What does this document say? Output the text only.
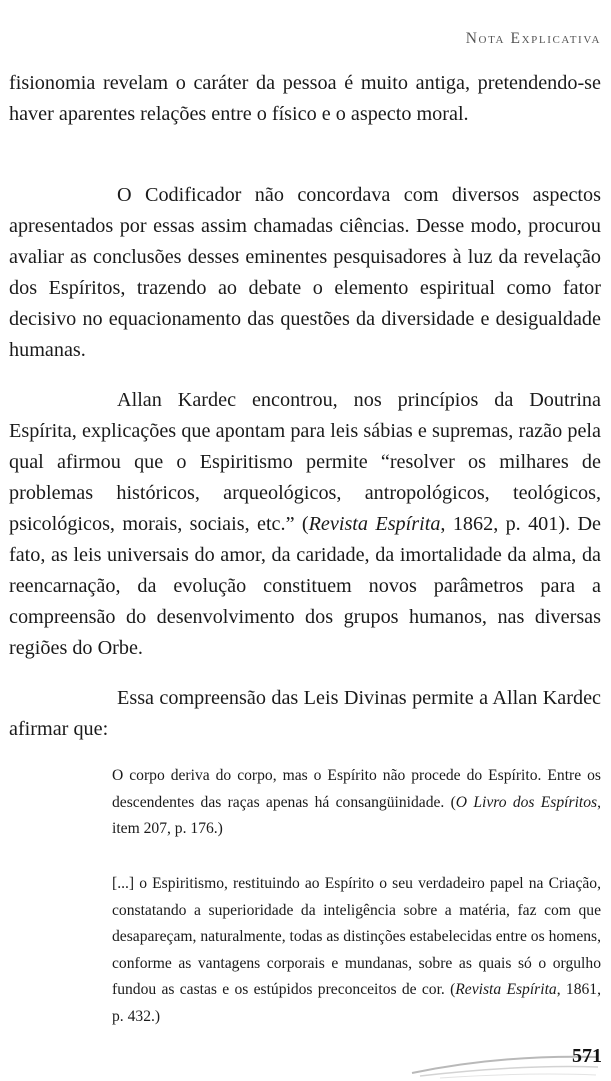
Nota Explicativa

fisionomia revelam o caráter da pessoa é muito antiga, pretendendo-se haver aparentes relações entre o físico e o aspecto moral.

O Codificador não concordava com diversos aspectos apresentados por essas assim chamadas ciências. Desse modo, procurou avaliar as conclusões desses eminentes pesquisadores à luz da revelação dos Espíritos, trazendo ao debate o elemento espiritual como fator decisivo no equacionamento das questões da diversidade e desigualdade humanas.

Allan Kardec encontrou, nos princípios da Doutrina Espírita, explicações que apontam para leis sábias e supremas, razão pela qual afirmou que o Espiritismo permite “resolver os milhares de problemas históricos, arqueológicos, antropológicos, teológicos, psicológicos, morais, sociais, etc.” (Revista Espírita, 1862, p. 401). De fato, as leis universais do amor, da caridade, da imortalidade da alma, da reencarnação, da evolução constituem novos parâmetros para a compreensão do desenvolvimento dos grupos humanos, nas diversas regiões do Orbe.

Essa compreensão das Leis Divinas permite a Allan Kardec afirmar que:

O corpo deriva do corpo, mas o Espírito não procede do Espírito. Entre os descendentes das raças apenas há consangüinidade. (O Livro dos Espíritos, item 207, p. 176.)
[...] o Espiritismo, restituindo ao Espírito o seu verdadeiro papel na Criação, constatando a superioridade da inteligência sobre a matéria, faz com que desapareçam, naturalmente, todas as distinções estabelecidas entre os homens, conforme as vantagens corporais e mundanas, sobre as quais só o orgulho fundou as castas e os estúpidos preconceitos de cor. (Revista Espírita, 1861, p. 432.)
571
